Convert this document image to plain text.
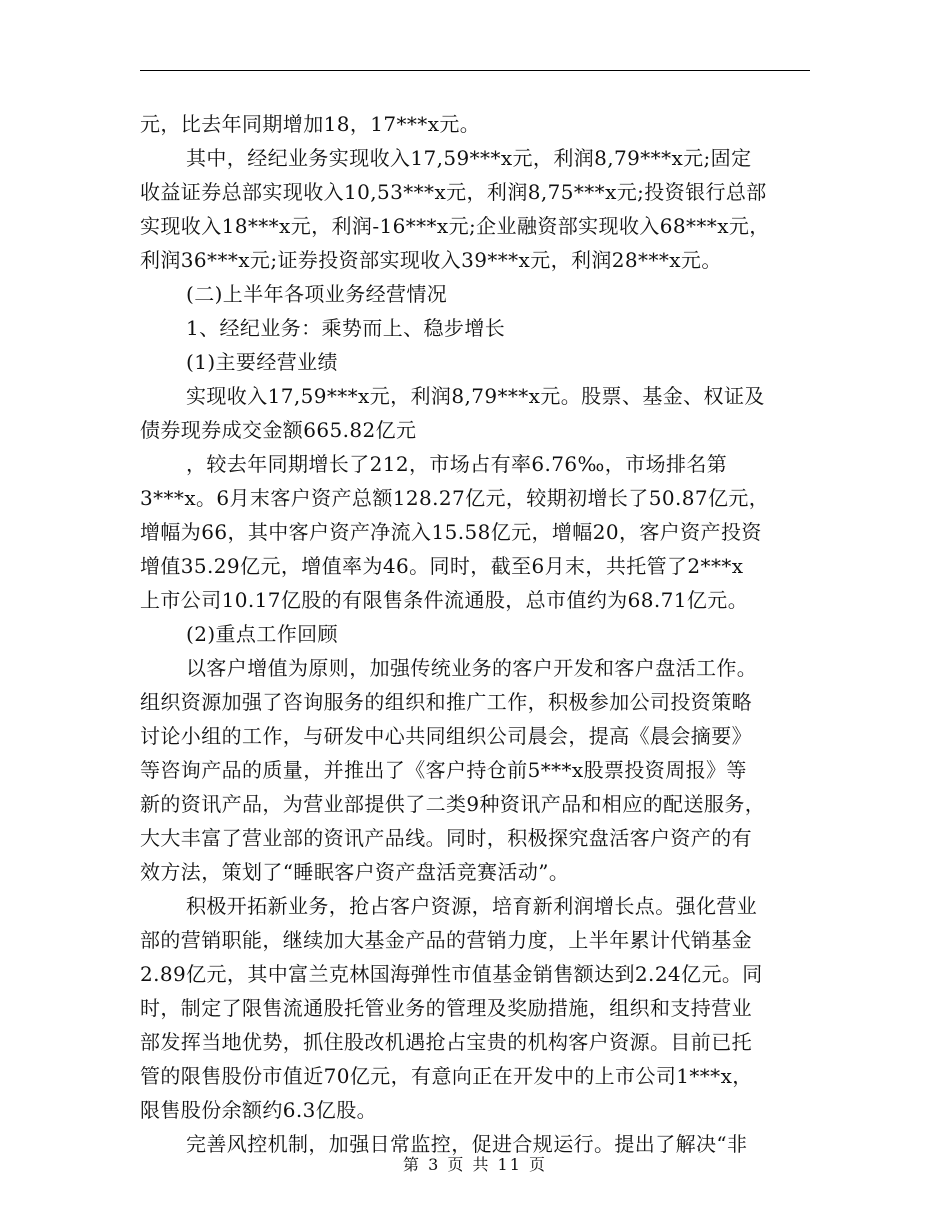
元，比去年同期增加18，17***x元。
其中，经纪业务实现收入17,59***x元，利润8,79***x元;固定
收益证券总部实现收入10,53***x元，利润8,75***x元;投资银行总部
实现收入18***x元，利润-16***x元;企业融资部实现收入68***x元，
利润36***x元;证券投资部实现收入39***x元，利润28***x元。
(二)上半年各项业务经营情况
1、经纪业务：乘势而上、稳步增长
(1)主要经营业绩
实现收入17,59***x元，利润8,79***x元。股票、基金、权证及
债券现券成交金额665.82亿元
，较去年同期增长了212，市场占有率6.76‰，市场排名第
3***x。6月末客户资产总额128.27亿元，较期初增长了50.87亿元，
增幅为66，其中客户资产净流入15.58亿元，增幅20，客户资产投资
增值35.29亿元，增值率为46。同时，截至6月末，共托管了2***x
上市公司10.17亿股的有限售条件流通股，总市值约为68.71亿元。
(2)重点工作回顾
以客户增值为原则，加强传统业务的客户开发和客户盘活工作。
组织资源加强了咨询服务的组织和推广工作，积极参加公司投资策略
讨论小组的工作，与研发中心共同组织公司晨会，提高《晨会摘要》
等咨询产品的质量，并推出了《客户持仓前5***x股票投资周报》等
新的资讯产品，为营业部提供了二类9种资讯产品和相应的配送服务，
大大丰富了营业部的资讯产品线。同时，积极探究盘活客户资产的有
效方法，策划了“睡眠客户资产盘活竞赛活动”。
积极开拓新业务，抢占客户资源，培育新利润增长点。强化营业
部的营销职能，继续加大基金产品的营销力度，上半年累计代销基金
2.89亿元，其中富兰克林国海弹性市值基金销售额达到2.24亿元。同
时，制定了限售流通股托管业务的管理及奖励措施，组织和支持营业
部发挥当地优势，抓住股改机遇抢占宝贵的机构客户资源。目前已托
管的限售股份市值近70亿元，有意向正在开发中的上市公司1***x，
限售股份余额约6.3亿股。
完善风控机制，加强日常监控，促进合规运行。提出了解决“非
第 3 页 共 11 页
